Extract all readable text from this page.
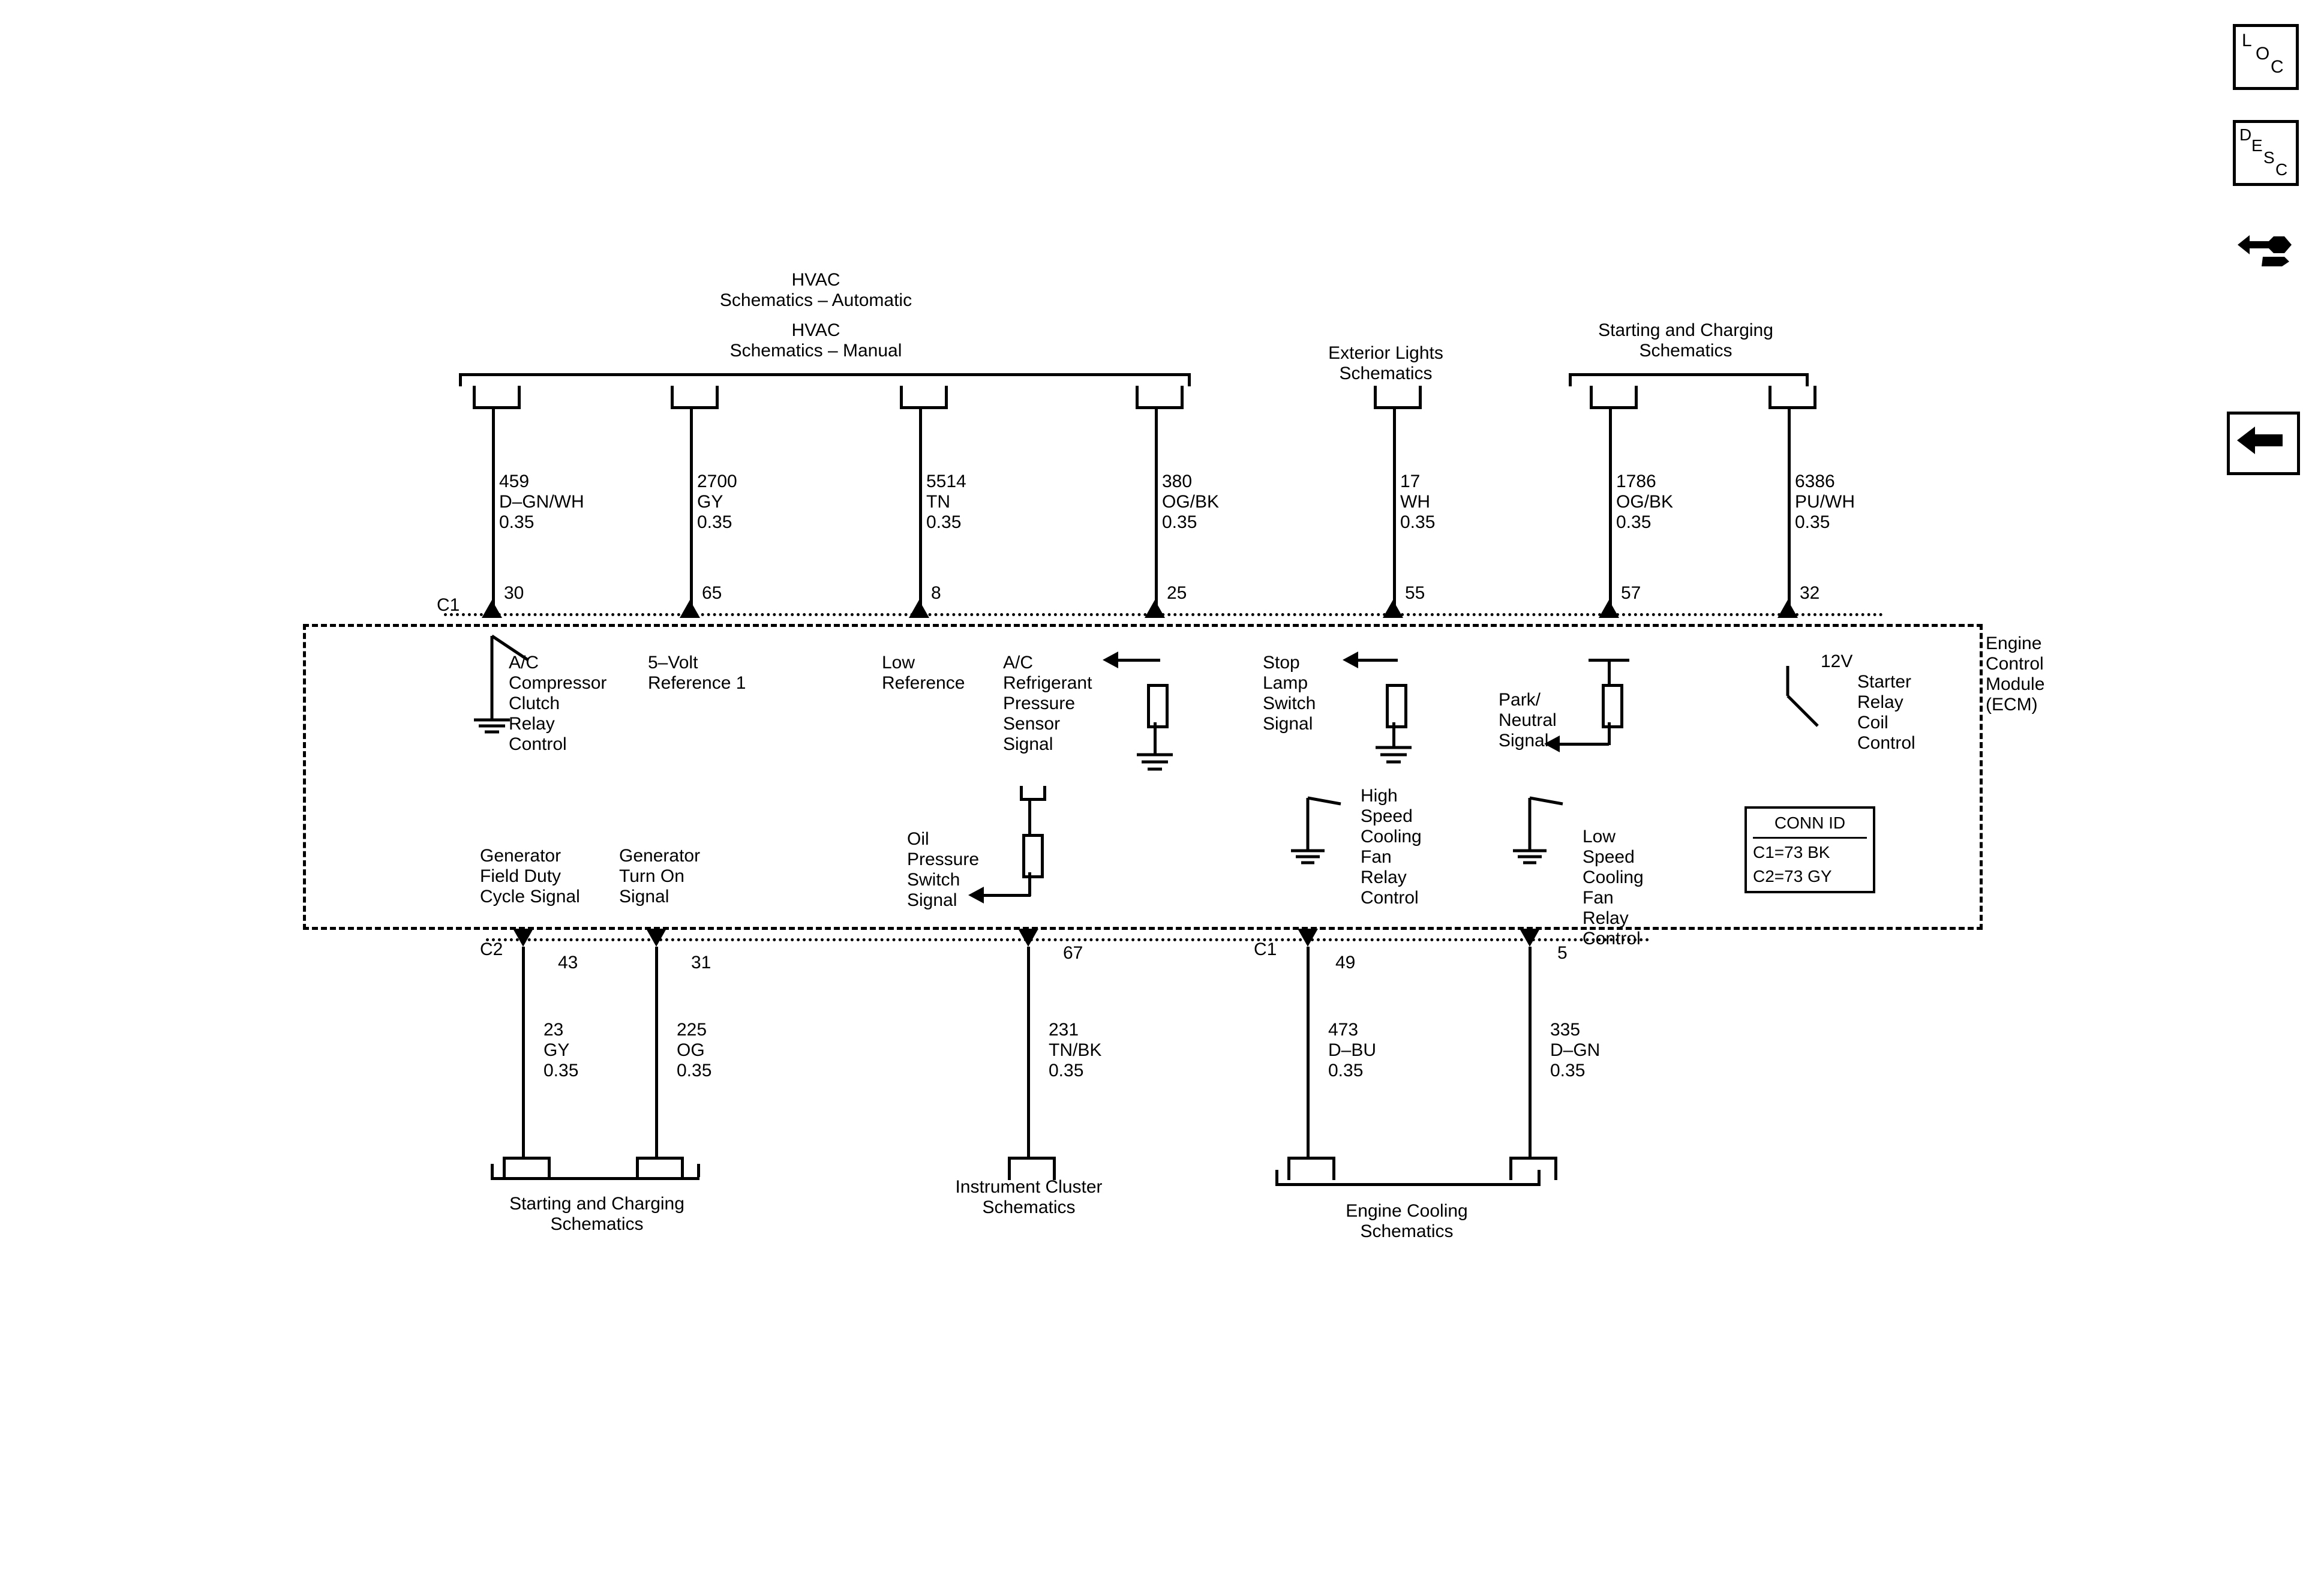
HVAC
Schematics – Automatic
HVAC
Schematics – Manual	Exterior Lights
Schematics
Starting and Charging
Schematics
459
D–GN/WH
0.35
2700
GY
0.35
5514
TN
0.35
380
OG/BK
0.35
17
WH
0.35
1786
OG/BK
0.35
6386
PU/WH
0.35
30	65	8	25	55	57	32
C1
Engine
Control
Module
(ECM)
A/C
Compressor
Clutch
Relay
Control
5–Volt
Reference 1
Low
Reference
A/C
Refrigerant
Pressure
Sensor
Signal
Stop
Lamp
Switch
Signal
Park/
Neutral
Signal
12V
Starter
Relay
Coil
Control
Generator
Field Duty
Cycle Signal
Generator
Turn On
Signal
Oil
Pressure
Switch
Signal
High
Speed
Cooling
Fan
Relay
Control
Low
Speed
Cooling
Fan
Relay
Control
CONN ID
C1=73 BK
C2=73 GY
C2
43	31	67	C1
49	5
23
GY
0.35
225
OG
0.35
231
TN/BK
0.35
473
D–BU
0.35
335
D–GN
0.35
Starting and Charging
Schematics
Instrument Cluster
Schematics	Engine Cooling
Schematics
L
O
C
D
E
S
C
